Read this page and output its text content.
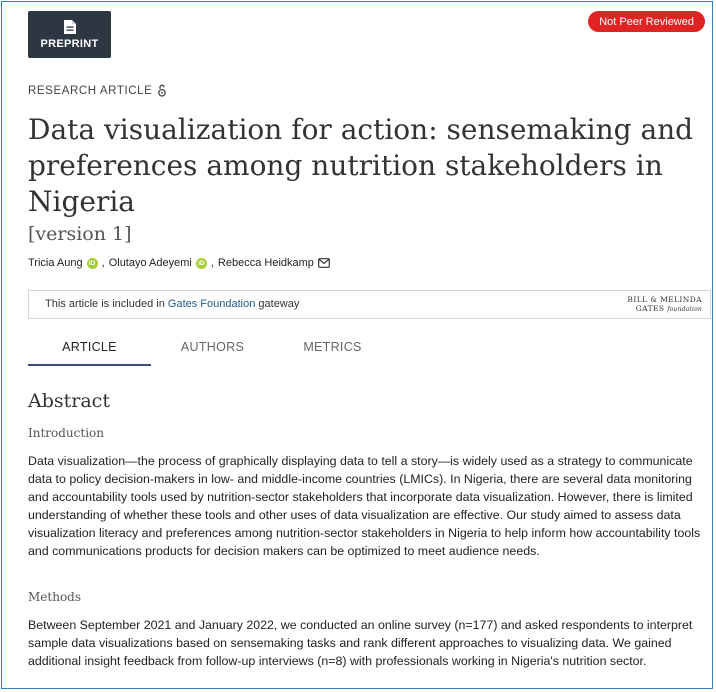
PREPRINT
Not Peer Reviewed
RESEARCH ARTICLE
Data visualization for action: sensemaking and preferences among nutrition stakeholders in Nigeria
[version 1]
Tricia Aung iD , Olutayo Adeyemi iD , Rebecca Heidkamp
This article is included in Gates Foundation gateway	BILL & MELINDA
GATES foundation
ARTICLE	AUTHORS	METRICS
Abstract
Introduction

Data visualization—the process of graphically displaying data to tell a story—is widely used as a strategy to communicate data to policy decision-makers in low- and middle-income countries (LMICs). In Nigeria, there are several data monitoring and accountability tools used by nutrition-sector stakeholders that incorporate data visualization. However, there is limited understanding of whether these tools and other uses of data visualization are effective. Our study aimed to assess data visualization literacy and preferences among nutrition-sector stakeholders in Nigeria to help inform how accountability tools and communications products for decision makers can be optimized to meet audience needs.

Methods

Between September 2021 and January 2022, we conducted an online survey (n=177) and asked respondents to interpret sample data visualizations based on sensemaking tasks and rank different approaches to visualizing data. We gained additional insight feedback from follow-up interviews (n=8) with professionals working in Nigeria's nutrition sector.
